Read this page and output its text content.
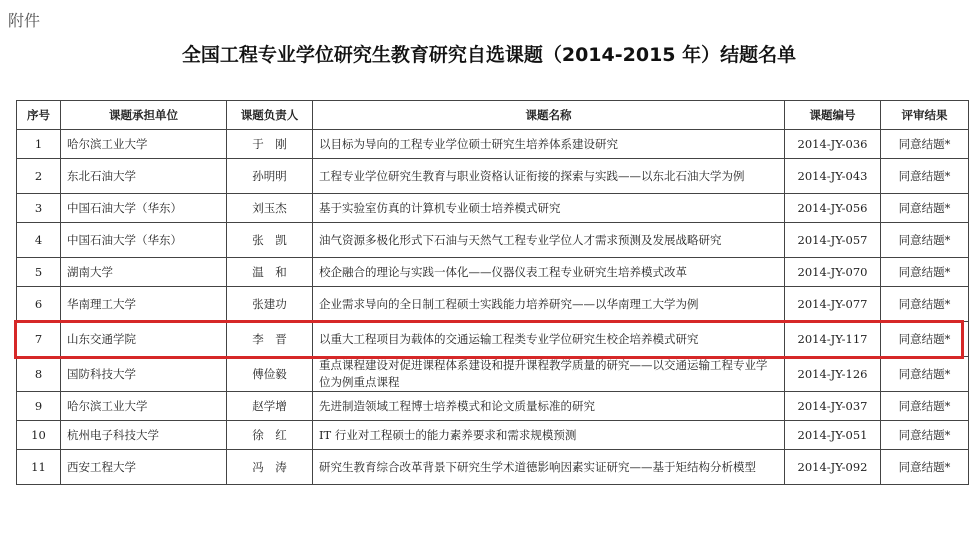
附件
全国工程专业学位研究生教育研究自选课题（2014-2015 年）结题名单
序号	课题承担单位	课题负责人	课题名称	课题编号	评审结果
1	哈尔滨工业大学	于　刚	以目标为导向的工程专业学位硕士研究生培养体系建设研究	2014-JY-036	同意结题*
2	东北石油大学	孙明明	工程专业学位研究生教育与职业资格认证衔接的探索与实践——以东北石油大学为例	2014-JY-043	同意结题*
3	中国石油大学（华东）	刘玉杰	基于实验室仿真的计算机专业硕士培养模式研究	2014-JY-056	同意结题*
4	中国石油大学（华东）	张　凯	油气资源多极化形式下石油与天然气工程专业学位人才需求预测及发展战略研究	2014-JY-057	同意结题*
5	湖南大学	温　和	校企融合的理论与实践一体化——仪器仪表工程专业研究生培养模式改革	2014-JY-070	同意结题*
6	华南理工大学	张建功	企业需求导向的全日制工程硕士实践能力培养研究——以华南理工大学为例	2014-JY-077	同意结题*
7	山东交通学院	李　晋	以重大工程项目为载体的交通运输工程类专业学位研究生校企培养模式研究	2014-JY-117	同意结题*
8	国防科技大学	傅俭毅	重点课程建设对促进课程体系建设和提升课程教学质量的研究——以交通运输工程专业学位为例重点课程	2014-JY-126	同意结题*
9	哈尔滨工业大学	赵学增	先进制造领域工程博士培养模式和论文质量标准的研究	2014-JY-037	同意结题*
10	杭州电子科技大学	徐　红	IT 行业对工程硕士的能力素养要求和需求规模预测	2014-JY-051	同意结题*
11	西安工程大学	冯　涛	研究生教育综合改革背景下研究生学术道德影响因素实证研究——基于矩结构分析模型	2014-JY-092	同意结题*
